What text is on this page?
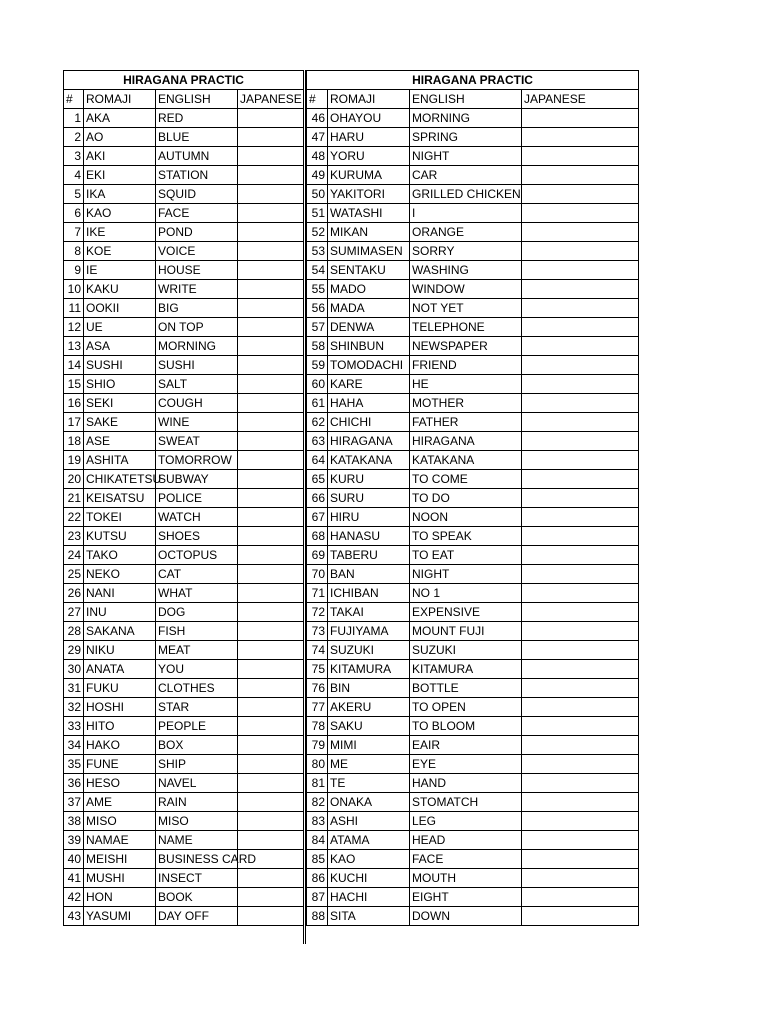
HIRAGANA PRACTIC			
#	ROMAJI	ENGLISH	JAPANESE
1	AKA	RED	
2	AO	BLUE	
3	AKI	AUTUMN	
4	EKI	STATION	
5	IKA	SQUID	
6	KAO	FACE	
7	IKE	POND	
8	KOE	VOICE	
9	IE	HOUSE	
10	KAKU	WRITE	
11	OOKII	BIG	
12	UE	ON TOP	
13	ASA	MORNING	
14	SUSHI	SUSHI	
15	SHIO	SALT	
16	SEKI	COUGH	
17	SAKE	WINE	
18	ASE	SWEAT	
19	ASHITA	TOMORROW	
20	CHIKATETSU	SUBWAY	
21	KEISATSU	POLICE	
22	TOKEI	WATCH	
23	KUTSU	SHOES	
24	TAKO	OCTOPUS	
25	NEKO	CAT	
26	NANI	WHAT	
27	INU	DOG	
28	SAKANA	FISH	
29	NIKU	MEAT	
30	ANATA	YOU	
31	FUKU	CLOTHES	
32	HOSHI	STAR	
33	HITO	PEOPLE	
34	HAKO	BOX	
35	FUNE	SHIP	
36	HESO	NAVEL	
37	AME	RAIN	
38	MISO	MISO	
39	NAMAE	NAME	
40	MEISHI	BUSINESS CARD	
41	MUSHI	INSECT	
42	HON	BOOK	
43	YASUMI	DAY OFF	
HIRAGANA PRACTIC			
#	ROMAJI	ENGLISH	JAPANESE
46	OHAYOU	MORNING	
47	HARU	SPRING	
48	YORU	NIGHT	
49	KURUMA	CAR	
50	YAKITORI	GRILLED CHICKEN	
51	WATASHI	I	
52	MIKAN	ORANGE	
53	SUMIMASEN	SORRY	
54	SENTAKU	WASHING	
55	MADO	WINDOW	
56	MADA	NOT YET	
57	DENWA	TELEPHONE	
58	SHINBUN	NEWSPAPER	
59	TOMODACHI	FRIEND	
60	KARE	HE	
61	HAHA	MOTHER	
62	CHICHI	FATHER	
63	HIRAGANA	HIRAGANA	
64	KATAKANA	KATAKANA	
65	KURU	TO COME	
66	SURU	TO DO	
67	HIRU	NOON	
68	HANASU	TO SPEAK	
69	TABERU	TO EAT	
70	BAN	NIGHT	
71	ICHIBAN	NO 1	
72	TAKAI	EXPENSIVE	
73	FUJIYAMA	MOUNT FUJI	
74	SUZUKI	SUZUKI	
75	KITAMURA	KITAMURA	
76	BIN	BOTTLE	
77	AKERU	TO OPEN	
78	SAKU	TO BLOOM	
79	MIMI	EAIR	
80	ME	EYE	
81	TE	HAND	
82	ONAKA	STOMATCH	
83	ASHI	LEG	
84	ATAMA	HEAD	
85	KAO	FACE	
86	KUCHI	MOUTH	
87	HACHI	EIGHT	
88	SITA	DOWN	
